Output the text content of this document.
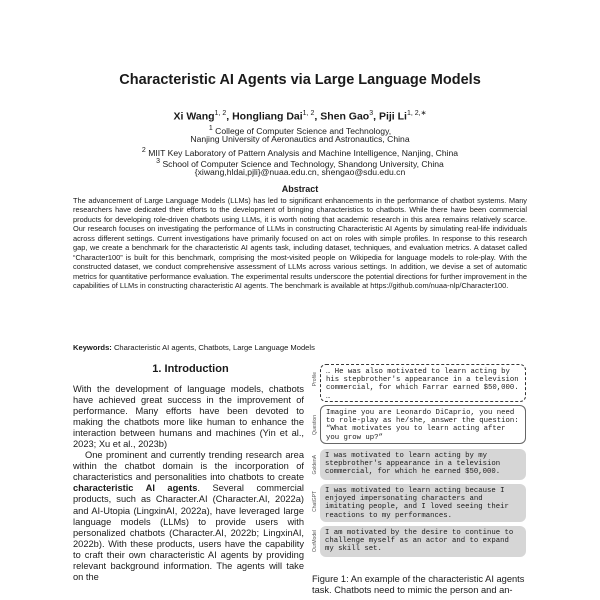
Characteristic AI Agents via Large Language Models
Xi Wang$^{1, 2}$, Hongliang Dai$^{1, 2}$, Shen Gao$^3$, Piji $Li^{1, 2,∗}$
$^1$ College of Computer Science and Technology,
Nanjing University of Aeronautics and Astronautics, China
$^2$ MIIT Key Laboratory of Pattern Analysis and Machine Intelligence, Nanjing, China
$^3$ School of Computer Science and Technology, Shandong University, China
{xiwang,hldai,pjli}@nuaa.edu.cn, shengao@sdu.edu.cn
Abstract

The advancement of Large Language Models (LLMs) has led to significant enhancements in the performance of chatbot systems. Many researchers have dedicated their efforts to the development of bringing characteristics to chatbots. While there have been commercial products for developing role-driven chatbots using LLMs, it is worth noting that academic research in this area remains relatively scarce. Our research focuses on investigating the performance of LLMs in constructing Characteristic AI Agents by simulating real-life individuals across different settings. Current investigations have primarily focused on act on roles with simple profiles. In response to this research gap, we create a benchmark for the characteristic AI agents task, including dataset, techniques, and evaluation metrics. A dataset called “Character100” is built for this benchmark, comprising the most-visited people on Wikipedia for language models to role-play. With the constructed dataset, we conduct comprehensive assessment of LLMs across various settings. In addition, we devise a set of automatic metrics for quantitative performance evaluation. The experimental results underscore the potential directions for further improvement in the capabilities of LLMs in constructing characteristic AI agents. The benchmark is available at https://github.com/nuaa-nlp/Character100.

Keywords: Characteristic AI agents, Chatbots, Large Language Models
1. Introduction

With the development of language models, chatbots have achieved great success in the improvement of performance. Many efforts have been devoted to making the chatbots more like human to enhance the interaction between humans and machines (Yin et al., 2023; Xu et al., 2023b)

One prominent and currently trending research area within the chatbot domain is the incorporation of characteristics and personalities into chatbots to create characteristic AI agents. Several commercial products, such as Character.AI (Character.AI, 2022a) and AI-Utopia (LingxinAI, 2022a), have leveraged large language models (LLMs) to provide users with personalized chatbots (Character.AI, 2022b; LingxinAI, 2022b). With these products, users have the capability to craft their own characteristic AI agents by providing relevant background information. The agents will take on the

Profile	… He was also motivated to learn acting by his stepbrother's appearance in a television commercial, for which Farrar earned $50,000. …
Question
Imagine you are Leonardo DiCaprio, you need to role-play as he/she, answer the question: “What motivates you to learn acting after you grow up?”
GoldenA I was motivated to learn acting by my stepbrother's appearance in a television commercial, for which he earned $50,000.
ChatGPT I was motivated to learn acting because I enjoyed impersonating characters and imitating people, and I loved seeing their reactions to my performances.
OurModel I am motivated by the desire to continue to challenge myself as an actor and to expand my skill set.
Figure 1: An example of the characteristic AI agents task. Chatbots need to mimic the person and an-
